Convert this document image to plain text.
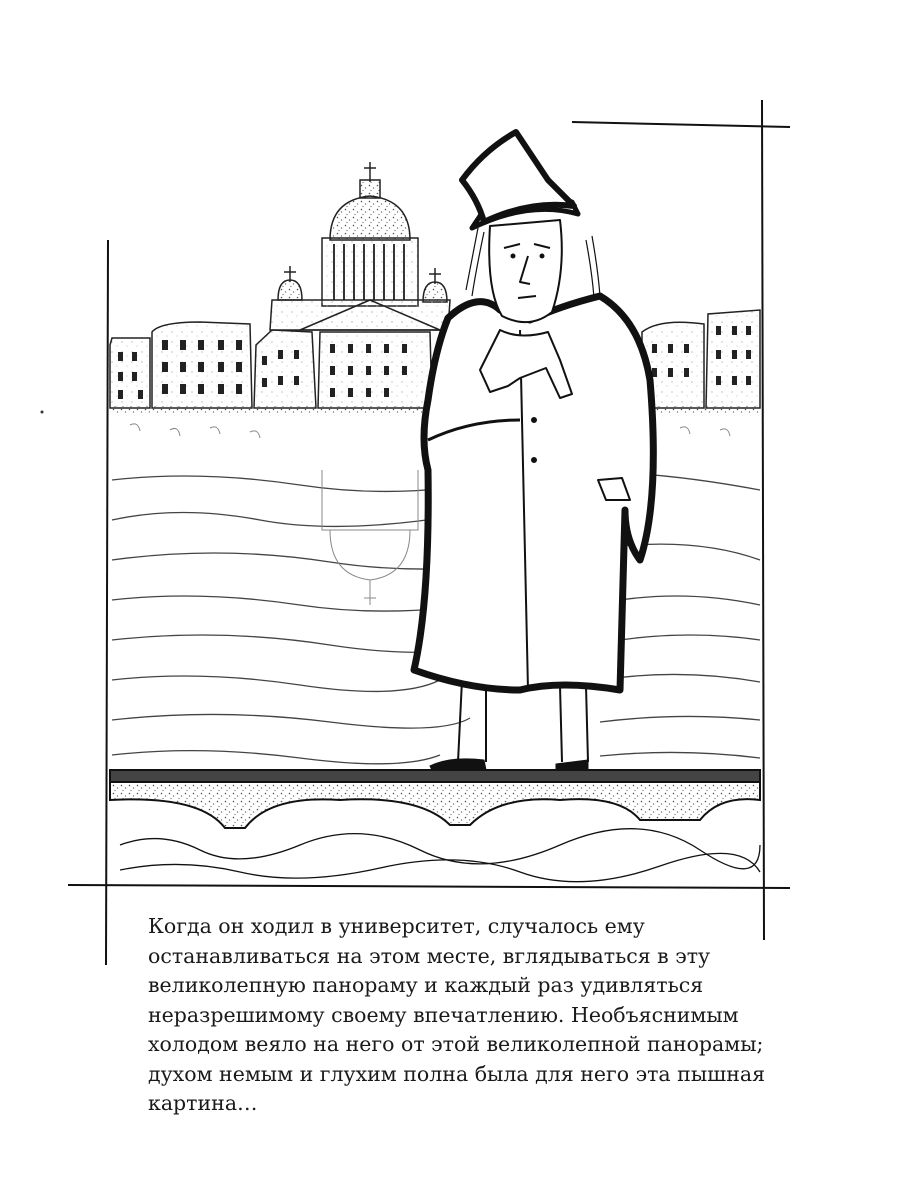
Когда он ходил в университет, случалось ему
останавливаться на этом месте, вглядываться в эту
великолепную панораму и каждый раз удивляться
неразрешимому своему впечатлению. Необъяснимым
холодом веяло на него от этой великолепной панорамы;
духом немым и глухим полна была для него эта пышная
картина…
